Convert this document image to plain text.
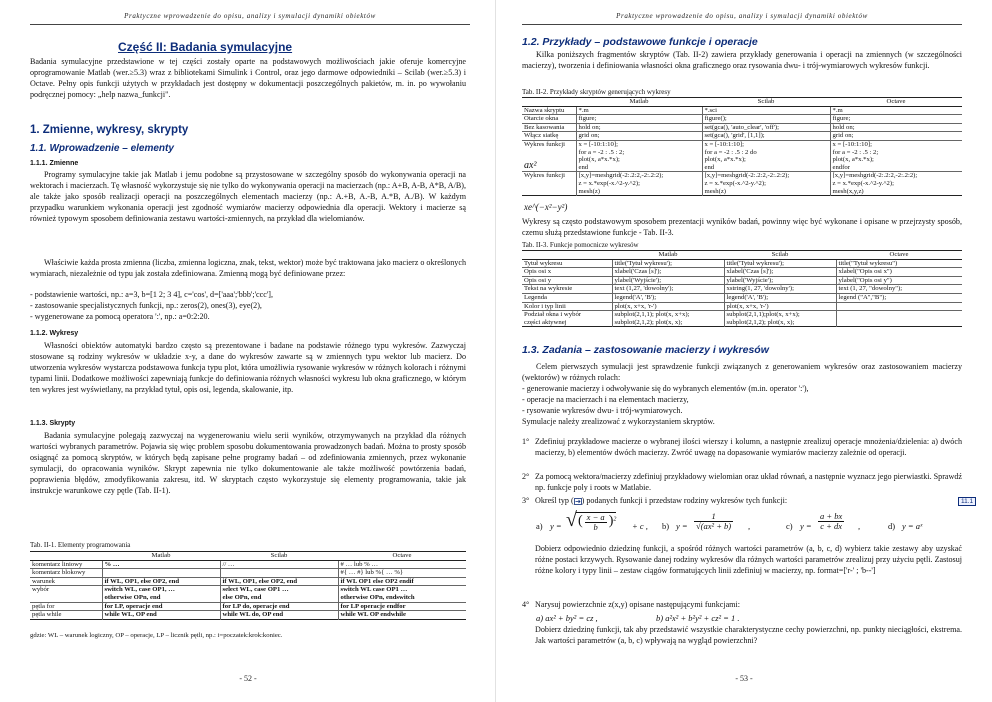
Praktyczne wprowadzenie do opisu, analizy i symulacji dynamiki obiektów
Część II: Badania symulacyjne

Badania symulacyjne przedstawione w tej części zostały oparte na podstawowych możliwościach jakie oferuje komercyjne oprogramowanie Matlab (wer.≥5.3) wraz z bibliotekami Simulink i Control, oraz jego darmowe odpowiedniki – Scilab (wer.≥5.3) i Octave. Pełny opis funkcji użytych w przykładach jest dostępny w dokumentacji poszczególnych pakietów, m. in. po wywołaniu podręcznej pomocy: „help nazwa_funkcji".

1. Zmienne, wykresy, skrypty
1.1. Wprowadzenie – elementy
1.1.1. Zmienne

Programy symulacyjne takie jak Matlab i jemu podobne są przystosowane w szczególny sposób do wykonywania operacji na wektorach i macierzach. Tę własność wykorzystuje się nie tylko do wykonywania operacji na macierzach (np.: A+B, A-B, A*B, A/B), ale także jako sposób realizacji operacji na poszczególnych elementach macierzy (np.: A.+B, A.-B, A.*B, A./B). W każdym przypadku warunkiem wykonania operacji jest zgodność wymiarów macierzy odpowiednia dla operacji. Wektory i macierze są również typowym sposobem definiowania zestawu wartości-zmiennych, na przykład dla wielomianów.

Właściwie każda prosta zmienna (liczba, zmienna logiczna, znak, tekst, wektor) może być traktowana jako macierz o określonych wymiarach, niezależnie od typu jak została zdefiniowana. Zmienną mogą być definiowane przez:

- podstawienie wartości, np.: a=3, b=[1 2; 3 4], c='cos', d=['aaa';'bbb';'ccc'],
- zastosowanie specjalistycznych funkcji, np.: zeros(2), ones(3), eye(2),
- wygenerowane za pomocą operatora ':', np.: a=0:2:20.
1.1.2. Wykresy

Własności obiektów automatyki bardzo często są prezentowane i badane na podstawie różnego typu wykresów. Zazwyczaj stosowane są rodziny wykresów w układzie x-y, a dane do wykresów zawarte są w zmiennych typu wektor lub macierz. Do utworzenia wykresów wystarcza podstawowa funkcja typu plot, która umożliwia rysowanie wykresów w różnych kolorach i różnymi typami linii. Dodatkowe możliwości zapewniają funkcje do definiowania różnych własności wykresu lub okna graficznego, w którym ten wykres jest wyświetlany, na przykład tytuł, opis osi, legenda, skalowanie, itp.

1.1.3. Skrypty

Badania symulacyjne polegają zazwyczaj na wygenerowaniu wielu serii wyników, otrzymywanych na przykład dla różnych wartości wybranych parametrów. Pojawia się więc problem sposobu dokumentowania prowadzonych badań. Można to prosty sposób osiągnąć za pomocą skryptów, w których będą zapisane pełne programy badań – od zdefiniowania zmiennych, przez wykonanie symulacji, do opracowania wyników. Skrypt zapewnia nie tylko dokumentowanie ale także możliwość powtórzenia badań, poprawienia błędów, zmodyfikowania zakresu, itd. W skryptach często wykorzystuje się elementy programowania, takie jak instrukcje warunkowe czy pętle (Tab. II-1).

Tab. II-1. Elementy programowania
	Matlab	Scilab	Octave
komentarz liniowy	% …	// …	# … lub % …
komentarz blokowy			#{ … #} lub %{ … %}
warunek	if WL, OP1, else OP2, end	if WL, OP1, else OP2, end	if WL OP1 else OP2 endif
wybór	switch WL, case OP1, …	select WL, case OP1 …	switch WL case OP1 …
	otherwise OPn, end	else OPn, end	otherwise OPn, endswitch
pętla for	for LP, operacje end	for LP do, operacje end	for LP operacje endfor
pętla while	while WL, OP end	while WL do, OP end	while WL OP endwhile
gdzie: WL – warunek logiczny, OP – operacje, LP – licznik pętli, np.: i=poczatek:krok:koniec.
- 52 -
Praktyczne wprowadzenie do opisu, analizy i symulacji dynamiki obiektów
1.2. Przykłady – podstawowe funkcje i operacje

Kilka poniższych fragmentów skryptów (Tab. II-2) zawiera przykłady generowania i operacji na zmiennych (w szczególności macierzy), tworzenia i definiowania własności okna graficznego oraz rysowania dwu- i trój-wymiarowych wykresów funkcji.

Tab. II-2. Przykłady skryptów generujących wykresy
	Matlab	Scilab	Octave
Nazwa skryptu	*.m	*.sci	*.m
Otarcie okna	figure;	figure();	figure;
Bez kasowania	hold on;	set(gca(), 'auto_clear', 'off');	hold on;
Włącz siatkę	grid on;	set(gca(), 'grid', [1,1]);	grid on;
Wykres funkcji	x = [-10:1:10];	x = [-10:1:10];	x = [-10:1:10];
	for a = -2 : .5 : 2;	for a = -2 : .5 : 2 do	for a = -2 : .5 : 2;
	plot(x, a*x.*x);	plot(x, a*x.*x);	plot(x, a*x.*x);
	end	end	endfor
Wykres funkcji	[x,y]=meshgrid(-2:.2:2,-2:.2:2);	[x,y]=meshgrid(-2:.2:2,-2:.2:2);	[x,y]=meshgrid(-2:.2:2,-2:.2:2);
	z = x.*exp(-x.^2-y.^2);	z = x.*exp(-x.^2-y.^2);	z = x.*exp(-x.^2-y.^2);
	mesh(z)	mesh(z)	mesh(x,y,z)
ax²
xe^(−x²−y²)

Wykresy są często podstawowym sposobem prezentacji wyników badań, powinny więc być wykonane i opisane w przejrzysty sposób, czemu służą przedstawione funkcje - Tab. II-3.

Tab. II-3. Funkcje pomocnicze wykresów
	Matlab	Scilab	Octave
Tytuł wykresu	title('Tytuł wykresu');	title('Tytuł wykresu');	title("Tytuł wykresu")
Opis osi x	xlabel('Czas [s]');	xlabel('Czas [s]');	xlabel("Opis osi x")
Opis osi y	ylabel('Wyjście');	ylabel('Wyjście');	ylabel("Opis osi y")
Tekst na wykresie	text (1,27, 'dowolny');	xstring(1, 27, 'dowolny');	text (1, 27, "dowolny");
Legenda	legend('A', 'B');	legend('A', 'B');	legend ("A","B");
Kolor i typ linii	plot(x, x+x, 'r-')	plot(x, x+x, 'r-')	
Podział okna i wybór	subplot(2,1,1); plot(x, x+x);	subplot(2,1,1);plot(x, x+x);	
części aktywnej	subplot(2,1,2); plot(x, x);	subplot(2,1,2); plot(x, x);	
1.3. Zadania – zastosowanie macierzy i wykresów

Celem pierwszych symulacji jest sprawdzenie funkcji związanych z generowaniem wykresów oraz zastosowaniem macierzy (wektorów) w różnych rolach:

- generowanie macierzy i odwoływanie się do wybranych elementów (m.in. operator ':'),
- operacje na macierzach i na elementach macierzy,
- rysowanie wykresów dwu- i trój-wymiarowych.
Symulacje należy zrealizować z wykorzystaniem skryptów.
1° Zdefiniuj przykładowe macierze o wybranej ilości wierszy i kolumn, a następnie zrealizuj operacje mnożenia/dzielenia: a) dwóch macierzy, b) elementów dwóch macierzy. Zwróć uwagę na dopasowanie wymiarów macierzy zależnie od operacji.
2° Za pomocą wektora/macierzy zdefiniuj przykładowy wielomian oraz układ równań, a następnie wyznacz jego pierwiastki. Sprawdź np. funkcje poly i roots w Matlabie.
3° Określ typ ( ) podanych funkcji i przedstaw rodziny wykresów tych funkcji:	11.1
a) y = √ ( $\frac{x - a}{b} )^2$
+ c , b) $y = \frac{1}{\text{√(ax² + b)}}$ ,	c) $y = \frac{a + bx}{c + dx}$ ,	d) y = aˣ

Dobierz odpowiednio dziedzinę funkcji, a spośród różnych wartości parametrów (a, b, c, d) wybierz takie zestawy aby uzyskać różne postaci krzywych. Rysowanie danej rodziny wykresów dla różnych wartości parametrów zrealizuj przy użyciu pętli. Zastosuj różne kolory i typy linii – zestaw ciągów formatujących linii zdefiniuj w macierzy, np. format=['r-' ; 'b--']

4° Narysuj powierzchnie z(x,y) opisane następującymi funkcjami:
a) ax² + by² = cz ,	b) a²x² + b²y² + cz² = 1 .

Dobierz dziedzinę funkcji, tak aby przedstawić wszystkie charakterystyczne cechy powierzchni, np. punkty nieciągłości, ekstrema. Jak wartości parametrów (a, b, c) wpływają na wygląd powierzchni?

- 53 -
